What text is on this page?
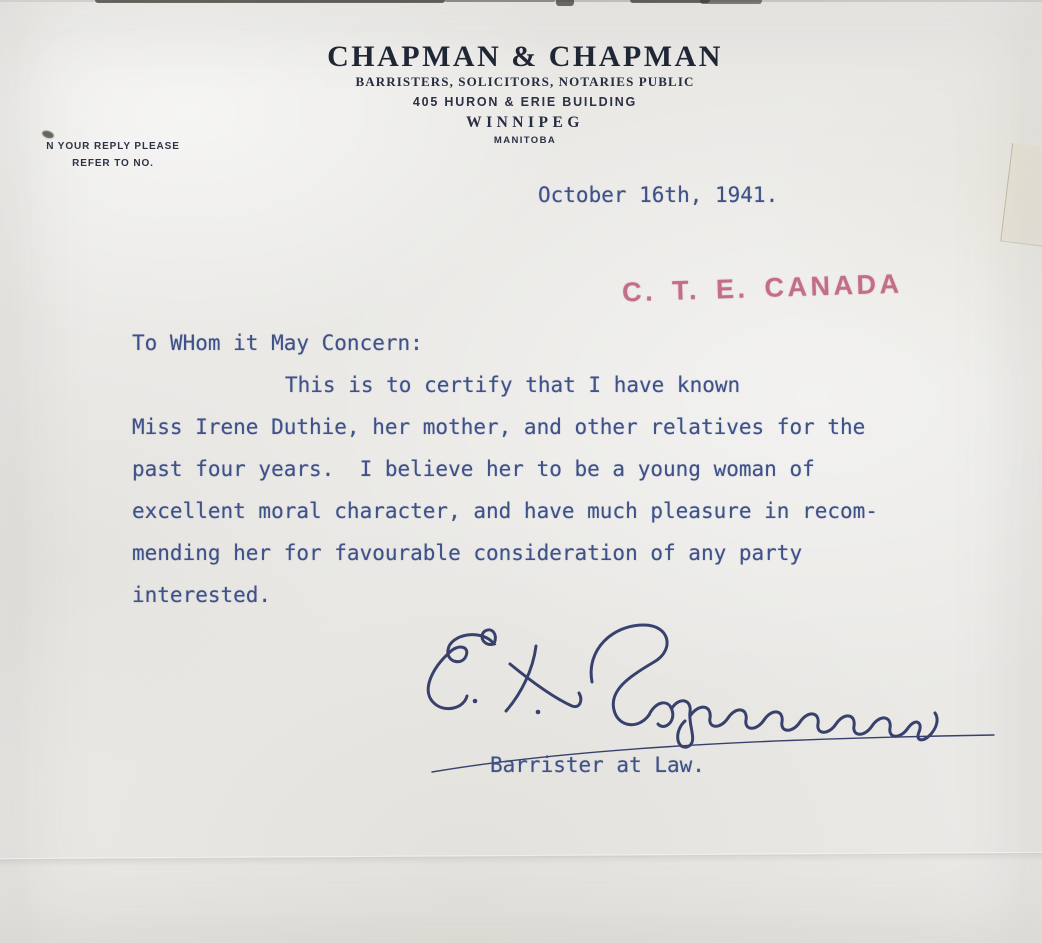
CHAPMAN & CHAPMAN
BARRISTERS, SOLICITORS, NOTARIES PUBLIC
405 HURON & ERIE BUILDING
WINNIPEG
MANITOBA
N YOUR REPLY PLEASE
REFER TO NO.
October 16th, 1941.
C. T. E. CANADA
To WHom it May Concern:
This is to certify that I have known
Miss Irene Duthie, her mother, and other relatives for the
past four years.  I believe her to be a young woman of
excellent moral character, and have much pleasure in recom-
mending her for favourable consideration of any party
interested.
Barrister at Law.
